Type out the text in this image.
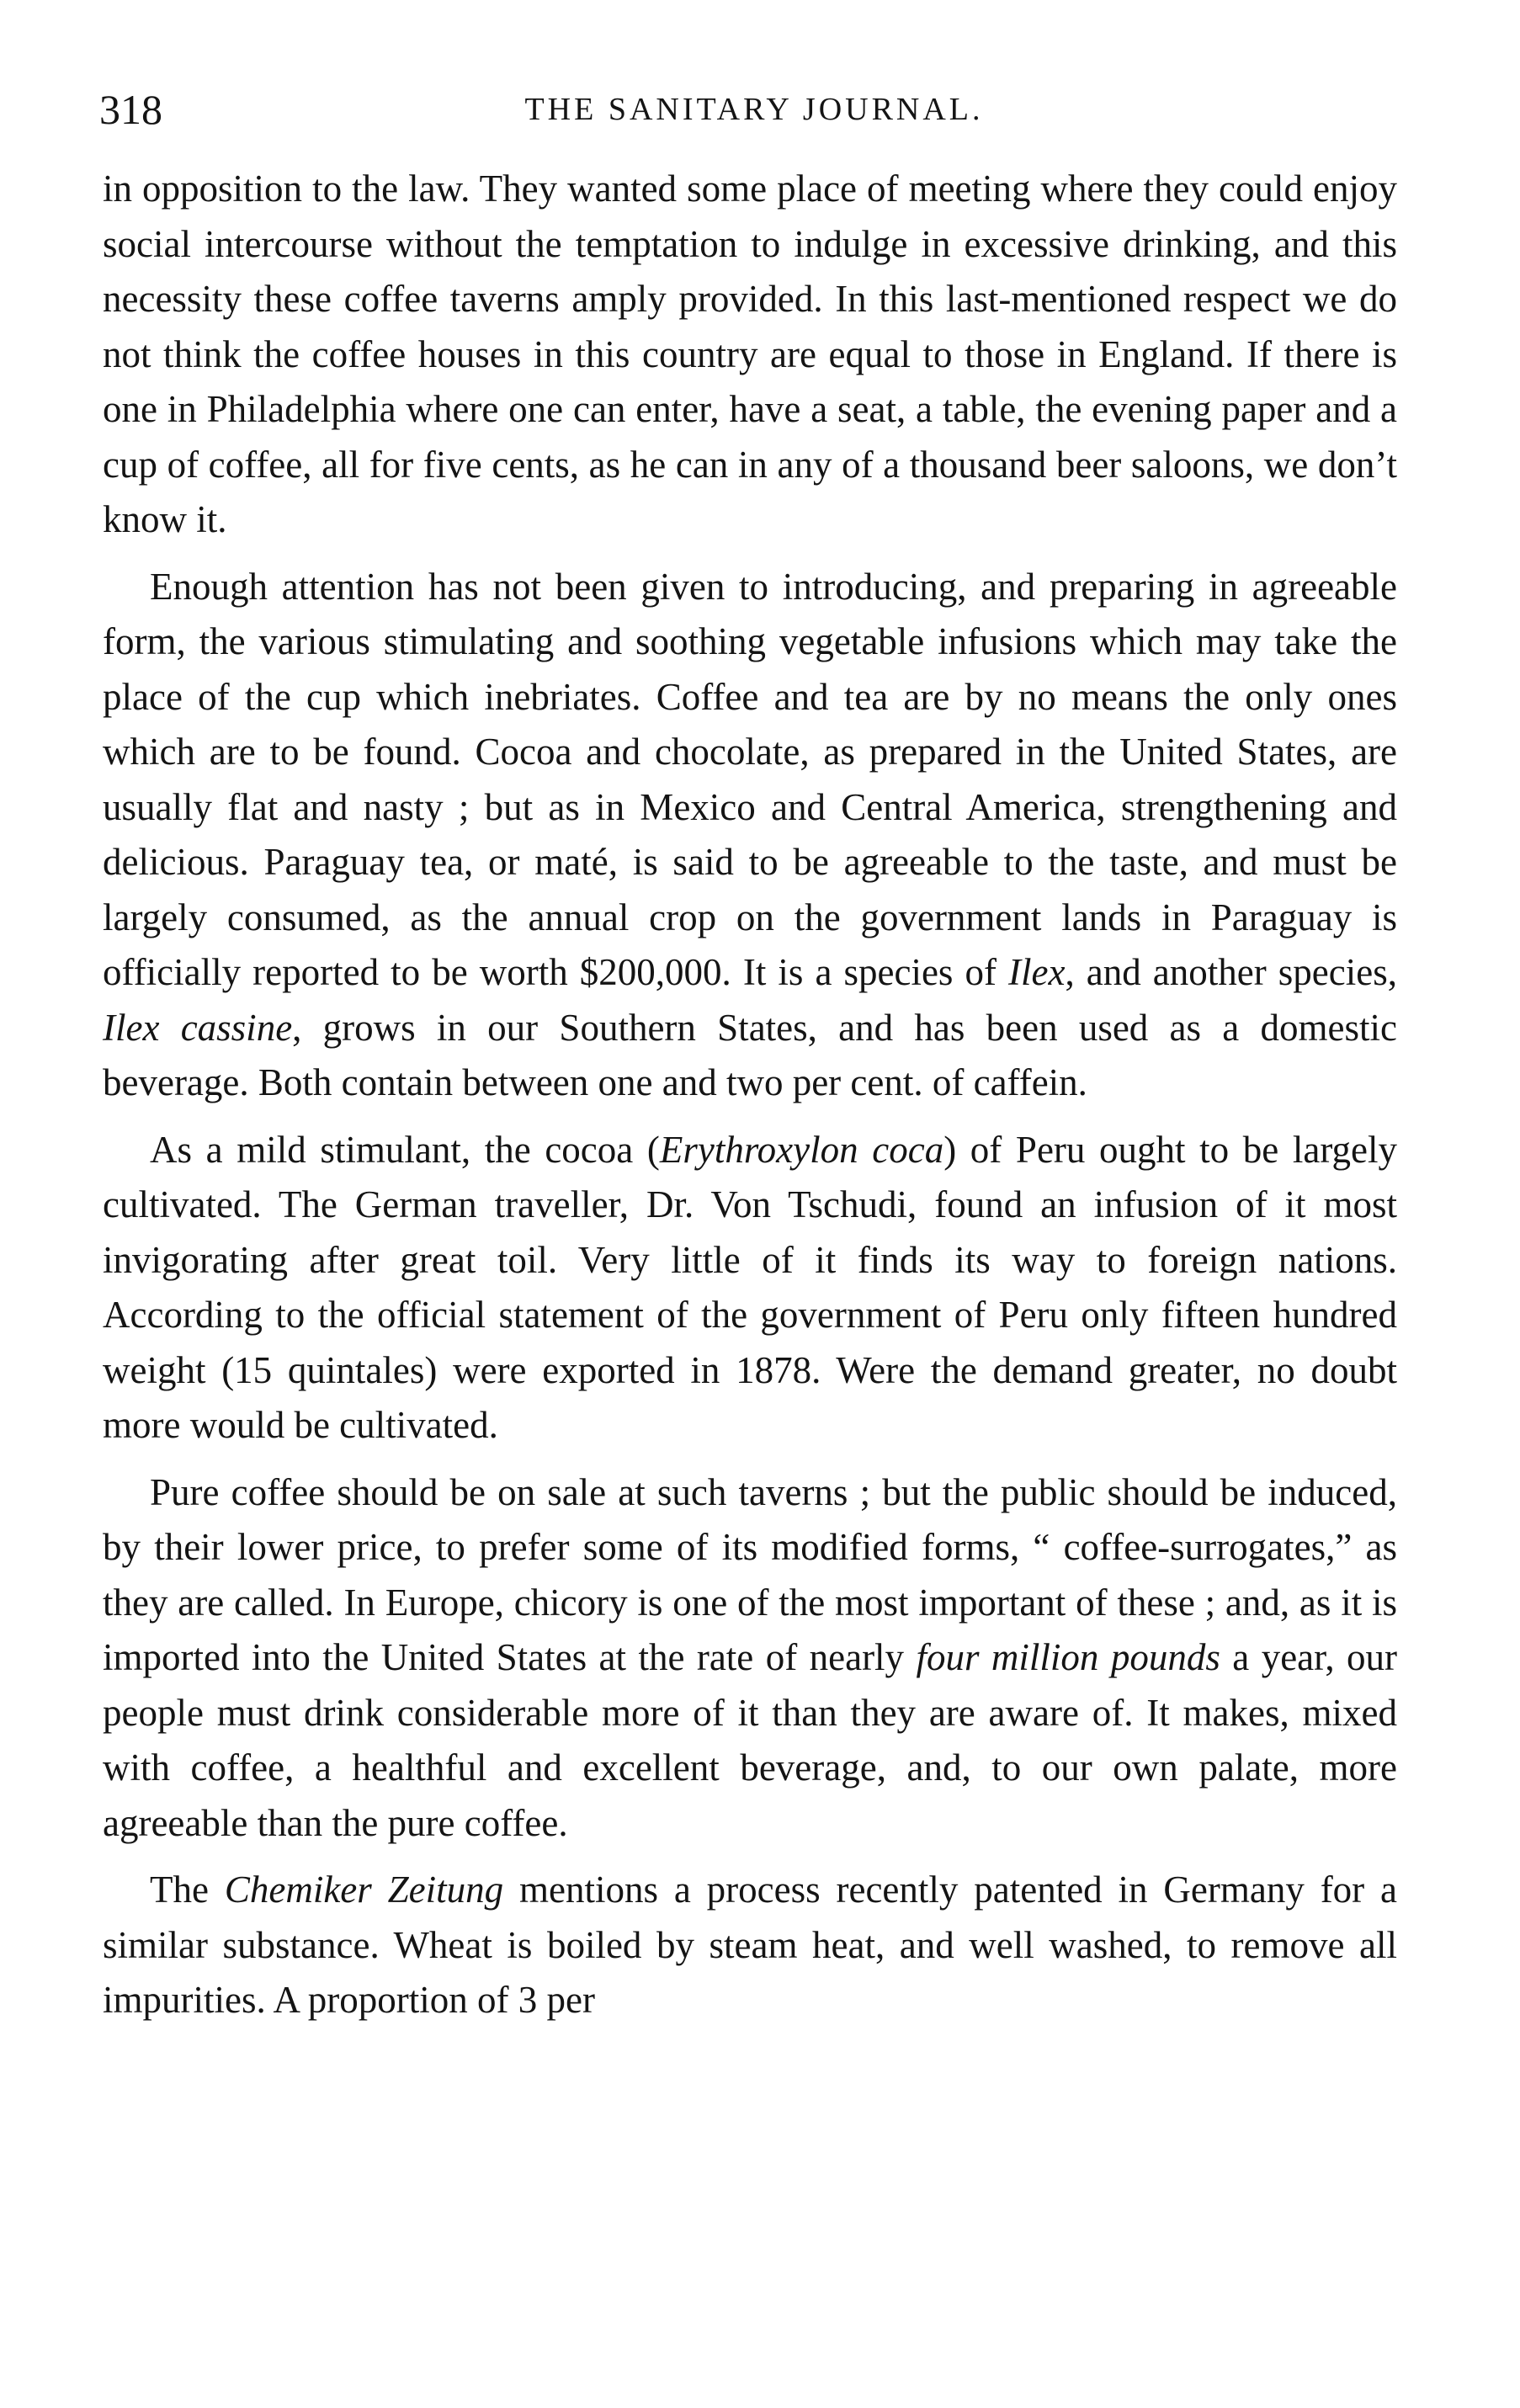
318	THE SANITARY JOURNAL.

in opposition to the law. They wanted some place of meeting where they could enjoy social intercourse without the temptation to indulge in excessive drinking, and this necessity these coffee taverns amply provided. In this last-mentioned respect we do not think the coffee houses in this country are equal to those in England. If there is one in Philadelphia where one can enter, have a seat, a table, the evening paper and a cup of coffee, all for five cents, as he can in any of a thousand beer saloons, we don’t know it.

Enough attention has not been given to introducing, and preparing in agreeable form, the various stimulating and soothing vegetable infusions which may take the place of the cup which inebriates. Coffee and tea are by no means the only ones which are to be found. Cocoa and chocolate, as prepared in the United States, are usually flat and nasty ; but as in Mexico and Central America, strengthening and delicious. Paraguay tea, or maté, is said to be agreeable to the taste, and must be largely consumed, as the annual crop on the government lands in Paraguay is officially reported to be worth $200,000. It is a species of Ilex, and another species, Ilex cassine, grows in our Southern States, and has been used as a domestic beverage. Both contain between one and two per cent. of caffein.

As a mild stimulant, the cocoa (Erythroxylon coca) of Peru ought to be largely cultivated. The German traveller, Dr. Von Tschudi, found an infusion of it most invigorating after great toil. Very little of it finds its way to foreign nations. According to the official statement of the government of Peru only fifteen hundred weight (15 quintales) were exported in 1878. Were the demand greater, no doubt more would be cultivated.

Pure coffee should be on sale at such taverns ; but the public should be induced, by their lower price, to prefer some of its modified forms, “ coffee-surrogates,” as they are called. In Europe, chicory is one of the most important of these ; and, as it is imported into the United States at the rate of nearly four million pounds a year, our people must drink considerable more of it than they are aware of. It makes, mixed with coffee, a healthful and excellent beverage, and, to our own palate, more agreeable than the pure coffee.

The Chemiker Zeitung mentions a process recently patented in Germany for a similar substance. Wheat is boiled by steam heat, and well washed, to remove all impurities. A proportion of 3 per
